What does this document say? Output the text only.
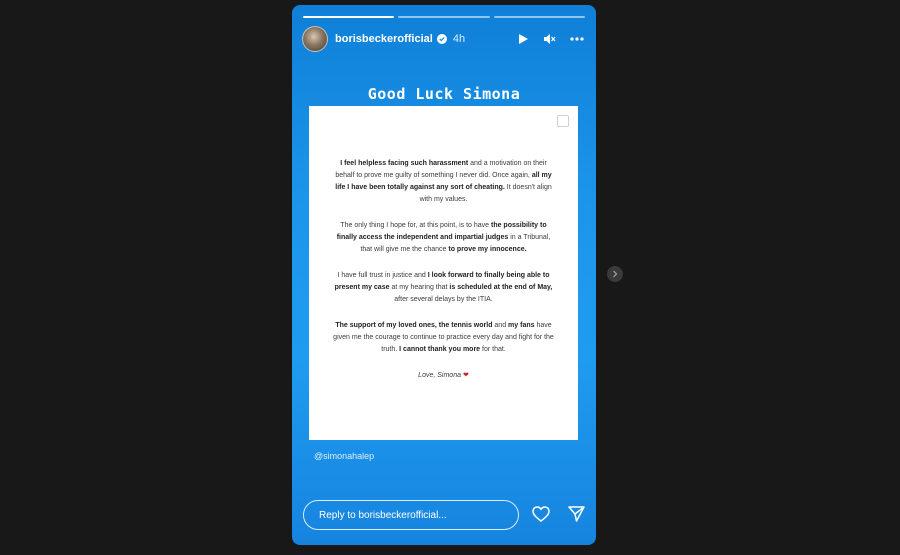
borisbeckerofficial 4h
Good Luck Simona

I feel helpless facing such harassment and a motivation on their behalf to prove me guilty of something I never did. Once again, all my life I have been totally against any sort of cheating. It doesn't align with my values.

The only thing I hope for, at this point, is to have the possibility to finally access the independent and impartial judges in a Tribunal, that will give me the chance to prove my innocence.

I have full trust in justice and I look forward to finally being able to present my case at my hearing that is scheduled at the end of May, after several delays by the ITIA.

The support of my loved ones, the tennis world and my fans have given me the courage to continue to practice every day and fight for the truth. I cannot thank you more for that.

Love, Simona ❤

@simonahalep
Reply to borisbeckerofficial...
